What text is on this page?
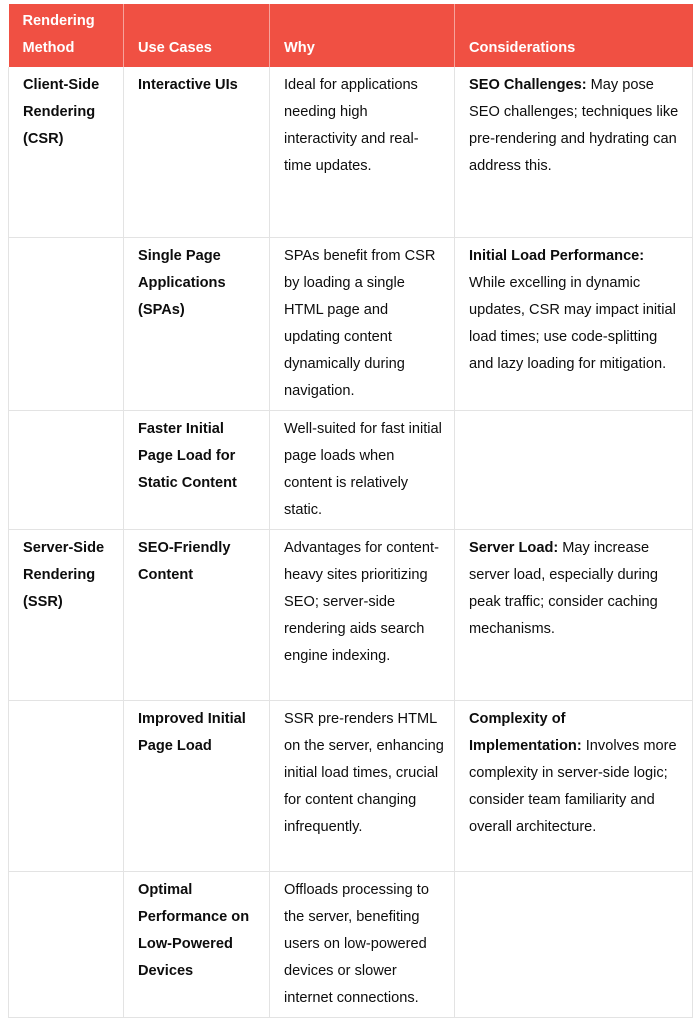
Rendering Method	Use Cases	Why	Considerations
Client-Side Rendering (CSR)	Interactive UIs	Ideal for applications needing high interactivity and real-time updates.	SEO Challenges: May pose SEO challenges; techniques like pre-rendering and hydrating can address this.
	Single Page Applications (SPAs)	SPAs benefit from CSR by loading a single HTML page and updating content dynamically during navigation.	Initial Load Performance: While excelling in dynamic updates, CSR may impact initial load times; use code-splitting and lazy loading for mitigation.
	Faster Initial Page Load for Static Content	Well-suited for fast initial page loads when content is relatively static.	
Server-Side Rendering (SSR)	SEO-Friendly Content	Advantages for content-heavy sites prioritizing SEO; server-side rendering aids search engine indexing.	Server Load: May increase server load, especially during peak traffic; consider caching mechanisms.
	Improved Initial Page Load	SSR pre-renders HTML on the server, enhancing initial load times, crucial for content changing infrequently.	Complexity of Implementation: Involves more complexity in server-side logic; consider team familiarity and overall architecture.
	Optimal Performance on Low-Powered Devices	Offloads processing to the server, benefiting users on low-powered devices or slower internet connections.	
